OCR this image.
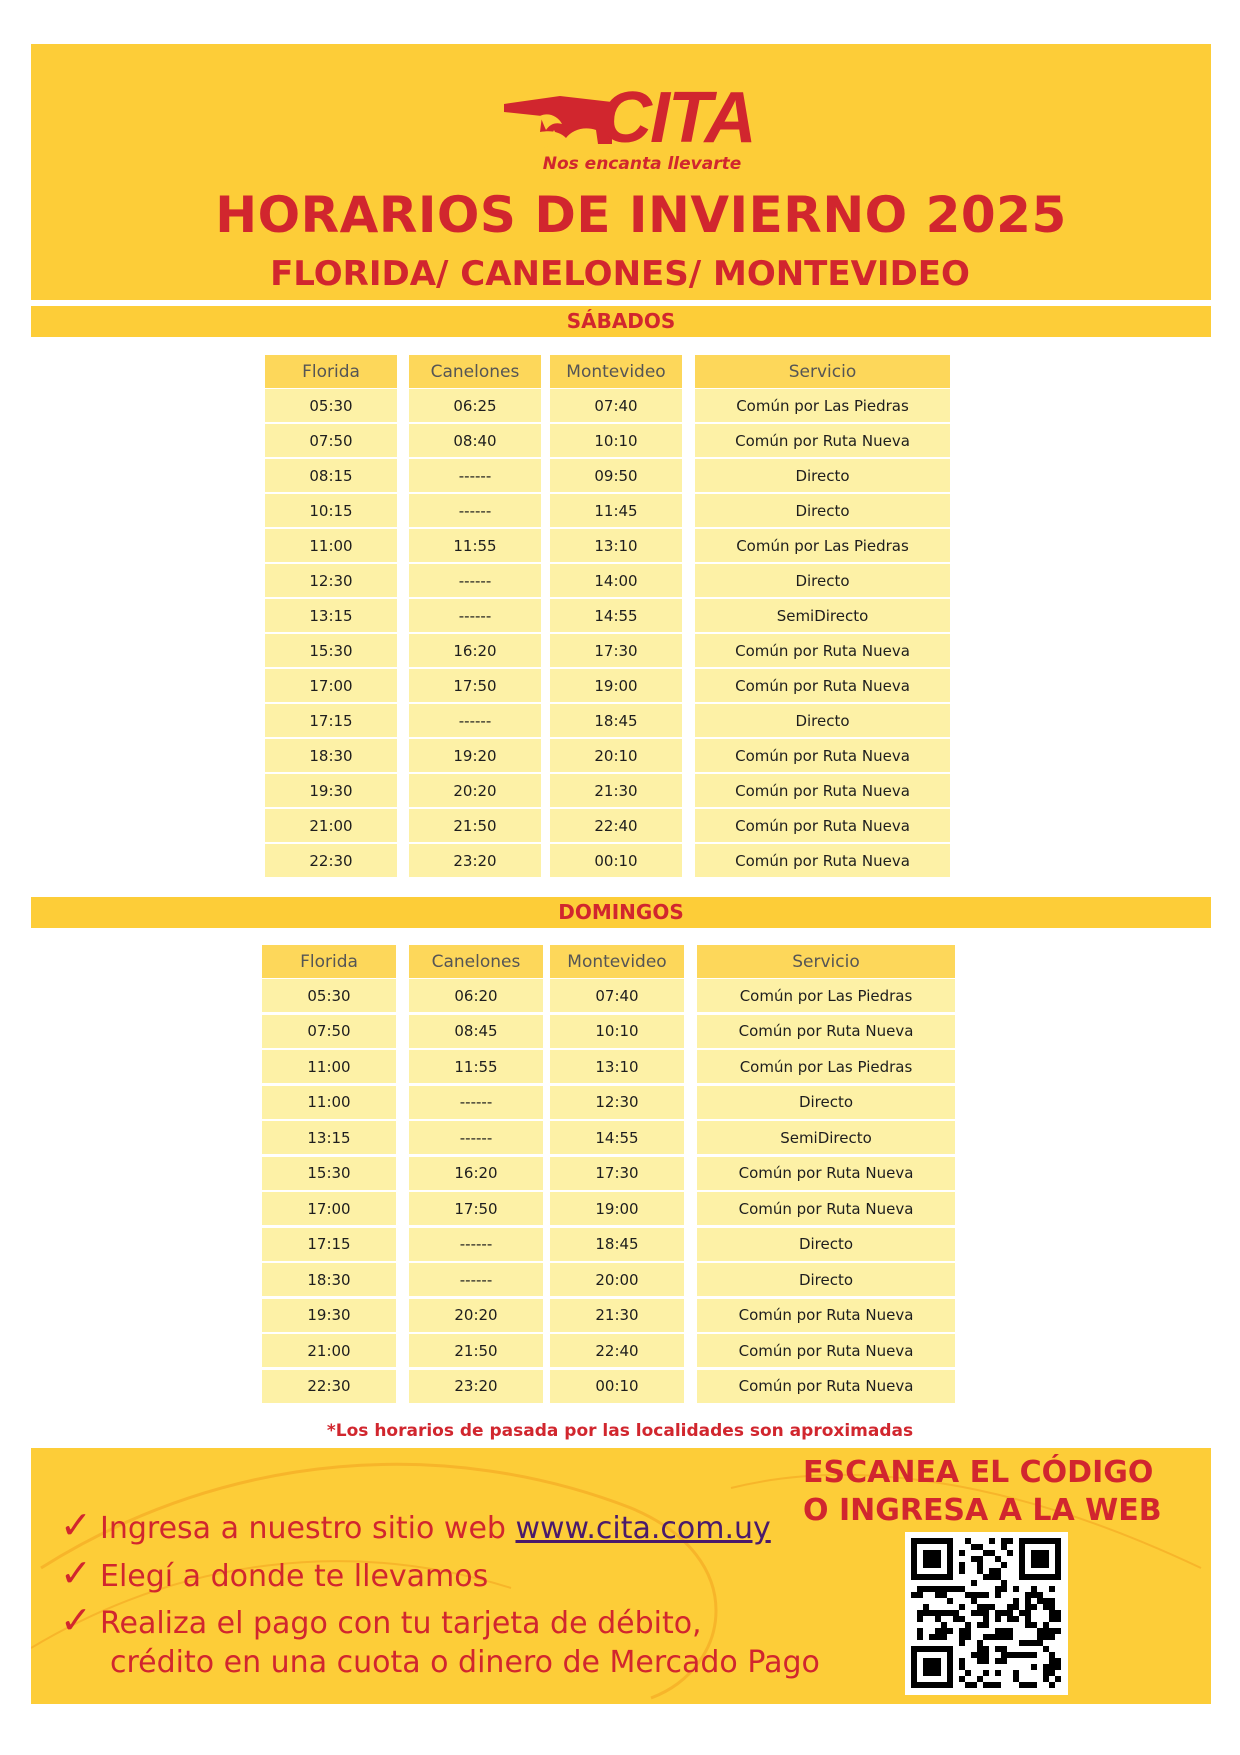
CITA
Nos encanta llevarte
HORARIOS DE INVIERNO 2025
FLORIDA/ CANELONES/ MONTEVIDEO
SÁBADOS
Florida
05:30
07:50
08:15
10:15
11:00
12:30
13:15
15:30
17:00
17:15
18:30
19:30
21:00
22:30
Canelones
06:25
08:40
------
------
11:55
------
------
16:20
17:50
------
19:20
20:20
21:50
23:20
Montevideo
07:40
10:10
09:50
11:45
13:10
14:00
14:55
17:30
19:00
18:45
20:10
21:30
22:40
00:10
Servicio
Común por Las Piedras
Común por Ruta Nueva
Directo
Directo
Común por Las Piedras
Directo
SemiDirecto
Común por Ruta Nueva
Común por Ruta Nueva
Directo
Común por Ruta Nueva
Común por Ruta Nueva
Común por Ruta Nueva
Común por Ruta Nueva
DOMINGOS
Florida
05:30
07:50
11:00
11:00
13:15
15:30
17:00
17:15
18:30
19:30
21:00
22:30
Canelones
06:20
08:45
11:55
------
------
16:20
17:50
------
------
20:20
21:50
23:20
Montevideo
07:40
10:10
13:10
12:30
14:55
17:30
19:00
18:45
20:00
21:30
22:40
00:10
Servicio
Común por Las Piedras
Común por Ruta Nueva
Común por Las Piedras
Directo
SemiDirecto
Común por Ruta Nueva
Común por Ruta Nueva
Directo
Directo
Común por Ruta Nueva
Común por Ruta Nueva
Común por Ruta Nueva
*Los horarios de pasada por las localidades son aproximadas
✓ Ingresa a nuestro sitio web www.cita.com.uy
✓ Elegí a donde te llevamos
✓ Realiza el pago con tu tarjeta de débito,
crédito en una cuota o dinero de Mercado Pago
ESCANEA EL CÓDIGO
O INGRESA A LA WEB
